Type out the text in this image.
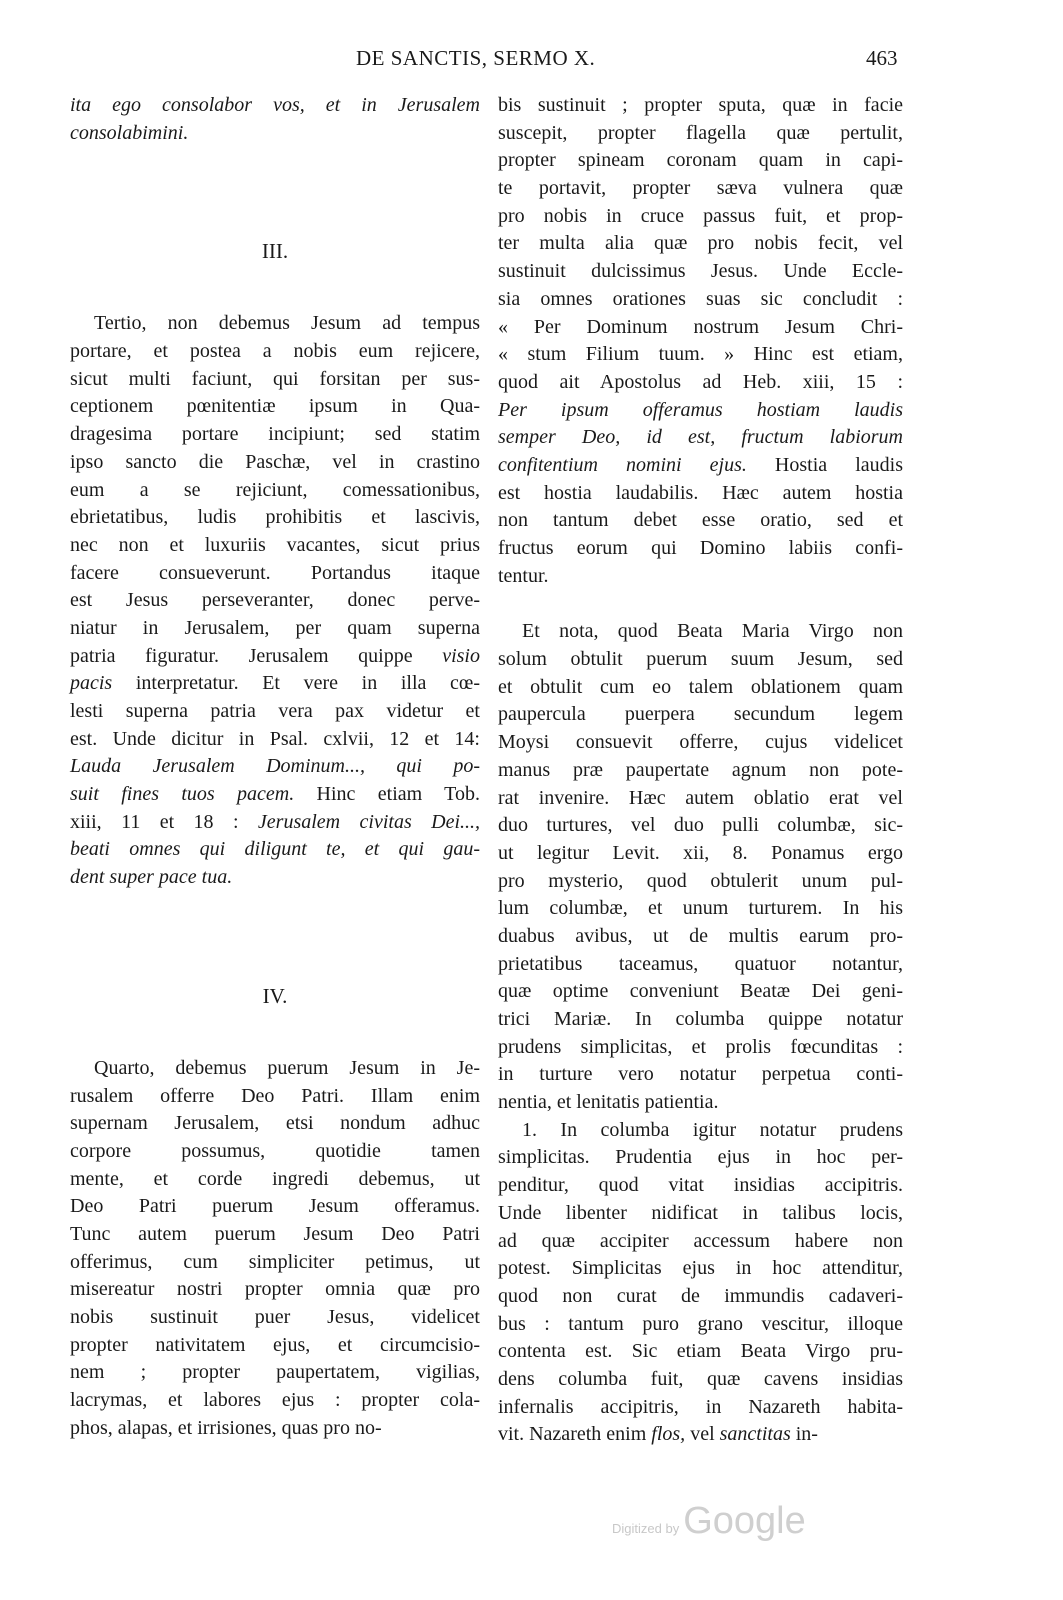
DE SANCTIS, SERMO X.	463
ita ego consolabor vos, et in Jerusalem
consolabimini.
III.
Tertio, non debemus Jesum ad tempus
portare, et postea a nobis eum rejicere,
sicut multi faciunt, qui forsitan per sus-
ceptionem pœnitentiæ ipsum in Qua-
dragesima portare incipiunt; sed statim
ipso sancto die Paschæ, vel in crastino
eum a se rejiciunt, comessationibus,
ebrietatibus, ludis prohibitis et lascivis,
nec non et luxuriis vacantes, sicut prius
facere consueverunt. Portandus itaque
est Jesus perseveranter, donec perve-
niatur in Jerusalem, per quam superna
patria figuratur. Jerusalem quippe visio
pacis interpretatur. Et vere in illa cœ-
lesti superna patria vera pax videtur et
est. Unde dicitur in Psal. cxlvii, 12 et 14:
Lauda Jerusalem Dominum..., qui po-
suit fines tuos pacem. Hinc etiam Tob.
xiii, 11 et 18 : Jerusalem civitas Dei...,
beati omnes qui diligunt te, et qui gau-
dent super pace tua.
IV.
Quarto, debemus puerum Jesum in Je-
rusalem offerre Deo Patri. Illam enim
supernam Jerusalem, etsi nondum adhuc
corpore possumus, quotidie tamen
mente, et corde ingredi debemus, ut
Deo Patri puerum Jesum offeramus.
Tunc autem puerum Jesum Deo Patri
offerimus, cum simpliciter petimus, ut
misereatur nostri propter omnia quæ pro
nobis sustinuit puer Jesus, videlicet
propter nativitatem ejus, et circumcisio-
nem ; propter paupertatem, vigilias,
lacrymas, et labores ejus : propter cola-
phos, alapas, et irrisiones, quas pro no-
bis sustinuit ; propter sputa, quæ in facie
suscepit, propter flagella quæ pertulit,
propter spineam coronam quam in capi-
te portavit, propter sæva vulnera quæ
pro nobis in cruce passus fuit, et prop-
ter multa alia quæ pro nobis fecit, vel
sustinuit dulcissimus Jesus. Unde Eccle-
sia omnes orationes suas sic concludit :
« Per Dominum nostrum Jesum Chri-
« stum Filium tuum. » Hinc est etiam,
quod ait Apostolus ad Heb. xiii, 15 :
Per ipsum offeramus hostiam laudis
semper Deo, id est, fructum labiorum
confitentium nomini ejus. Hostia laudis
est hostia laudabilis. Hæc autem hostia
non tantum debet esse oratio, sed et
fructus eorum qui Domino labiis confi-
tentur.
Et nota, quod Beata Maria Virgo non
solum obtulit puerum suum Jesum, sed
et obtulit cum eo talem oblationem quam
paupercula puerpera secundum legem
Moysi consuevit offerre, cujus videlicet
manus præ paupertate agnum non pote-
rat invenire. Hæc autem oblatio erat vel
duo turtures, vel duo pulli columbæ, sic-
ut legitur Levit. xii, 8. Ponamus ergo
pro mysterio, quod obtulerit unum pul-
lum columbæ, et unum turturem. In his
duabus avibus, ut de multis earum pro-
prietatibus taceamus, quatuor notantur,
quæ optime conveniunt Beatæ Dei geni-
trici Mariæ. In columba quippe notatur
prudens simplicitas, et prolis fœcunditas :
in turture vero notatur perpetua conti-
nentia, et lenitatis patientia.
1. In columba igitur notatur prudens
simplicitas. Prudentia ejus in hoc per-
penditur, quod vitat insidias accipitris.
Unde libenter nidificat in talibus locis,
ad quæ accipiter accessum habere non
potest. Simplicitas ejus in hoc attenditur,
quod non curat de immundis cadaveri-
bus : tantum puro grano vescitur, illoque
contenta est. Sic etiam Beata Virgo pru-
dens columba fuit, quæ cavens insidias
infernalis accipitris, in Nazareth habita-
vit. Nazareth enim flos, vel sanctitas in-
Digitized by Google
